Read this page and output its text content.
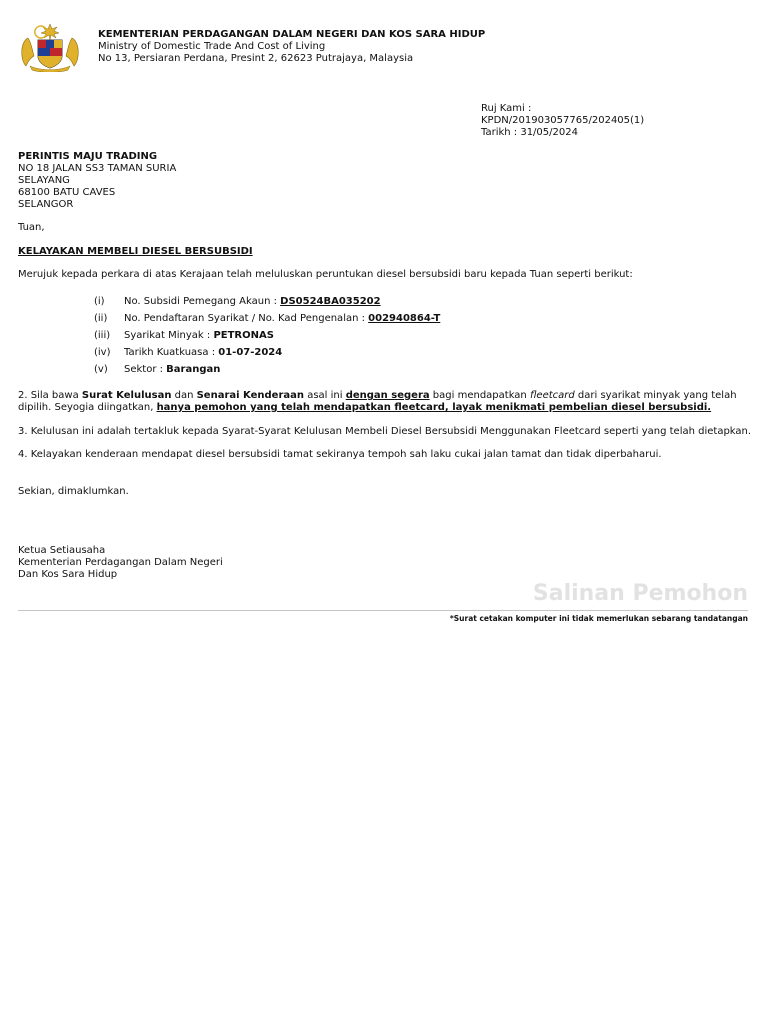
KEMENTERIAN PERDAGANGAN DALAM NEGERI DAN KOS SARA HIDUP
Ministry of Domestic Trade And Cost of Living
No 13, Persiaran Perdana, Presint 2, 62623 Putrajaya, Malaysia
Ruj Kami :
KPDN/201903057765/202405(1)
Tarikh : 31/05/2024
PERINTIS MAJU TRADING
NO 18 JALAN SS3 TAMAN SURIA
SELAYANG
68100 BATU CAVES
SELANGOR
Tuan,
KELAYAKAN MEMBELI DIESEL BERSUBSIDI
Merujuk kepada perkara di atas Kerajaan telah meluluskan peruntukan diesel bersubsidi baru kepada Tuan seperti berikut:
(i)	No. Subsidi Pemegang Akaun : DS0524BA035202
(ii)	No. Pendaftaran Syarikat / No. Kad Pengenalan : 002940864-T
(iii)	Syarikat Minyak : PETRONAS
(iv)	Tarikh Kuatkuasa : 01-07-2024
(v)	Sektor : Barangan
2. Sila bawa Surat Kelulusan dan Senarai Kenderaan asal ini dengan segera bagi mendapatkan fleetcard dari syarikat minyak yang telah
dipilih. Seyogia diingatkan, hanya pemohon yang telah mendapatkan fleetcard, layak menikmati pembelian diesel bersubsidi.
3. Kelulusan ini adalah tertakluk kepada Syarat-Syarat Kelulusan Membeli Diesel Bersubsidi Menggunakan Fleetcard seperti yang telah dietapkan.
4. Kelayakan kenderaan mendapat diesel bersubsidi tamat sekiranya tempoh sah laku cukai jalan tamat dan tidak diperbaharui.
Sekian, dimaklumkan.
Ketua Setiausaha
Kementerian Perdagangan Dalam Negeri
Dan Kos Sara Hidup
Salinan Pemohon
*Surat cetakan komputer ini tidak memerlukan sebarang tandatangan
